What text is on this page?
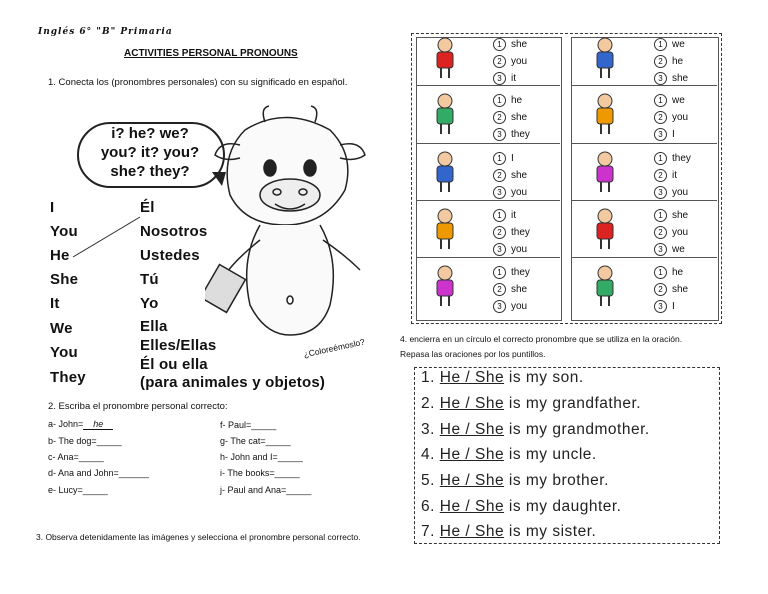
Inglés 6° "B" Primaria
ACTIVITIES PERSONAL PRONOUNS
1. Conecta los (pronombres personales) con su significado en español.
i? he? we?
you? it? you?
she? they?
I
You
He
She
It
We
You
They
Él
Nosotros
Ustedes
Tú
Yo
Ella
Elles/Ellas
Él ou ella
(para animales y objetos)
¿Coloreémoslo?
2. Escriba el pronombre personal correcto:
a- John= he
b- The dog=_____
c- Ana=_____
d- Ana and John=______
e- Lucy=_____
f- Paul=_____
g- The cat=_____
h- John and I=_____
i- The books=_____
j- Paul and Ana=_____
3. Observa detenidamente las imágenes y selecciona el pronombre personal correcto.
1 she
2 you
3 it
1 he
2 she
3 they
1 I
2 she
3 you
1 it
2 they
3 you
1 they
2 she
3 you
1 we
2 he
3 she
1 we
2 you
3 I
1 they
2 it
3 you
1 she
2 you
3 we
1 he
2 she
3 I
4. encierra en un círculo el correcto pronombre que se utiliza en la oración.
Repasa las oraciones por los puntillos.
1. He / She is my son.
2. He / She is my grandfather.
3. He / She is my grandmother.
4. He / She is my uncle.
5. He / She is my brother.
6. He / She is my daughter.
7. He / She is my sister.
